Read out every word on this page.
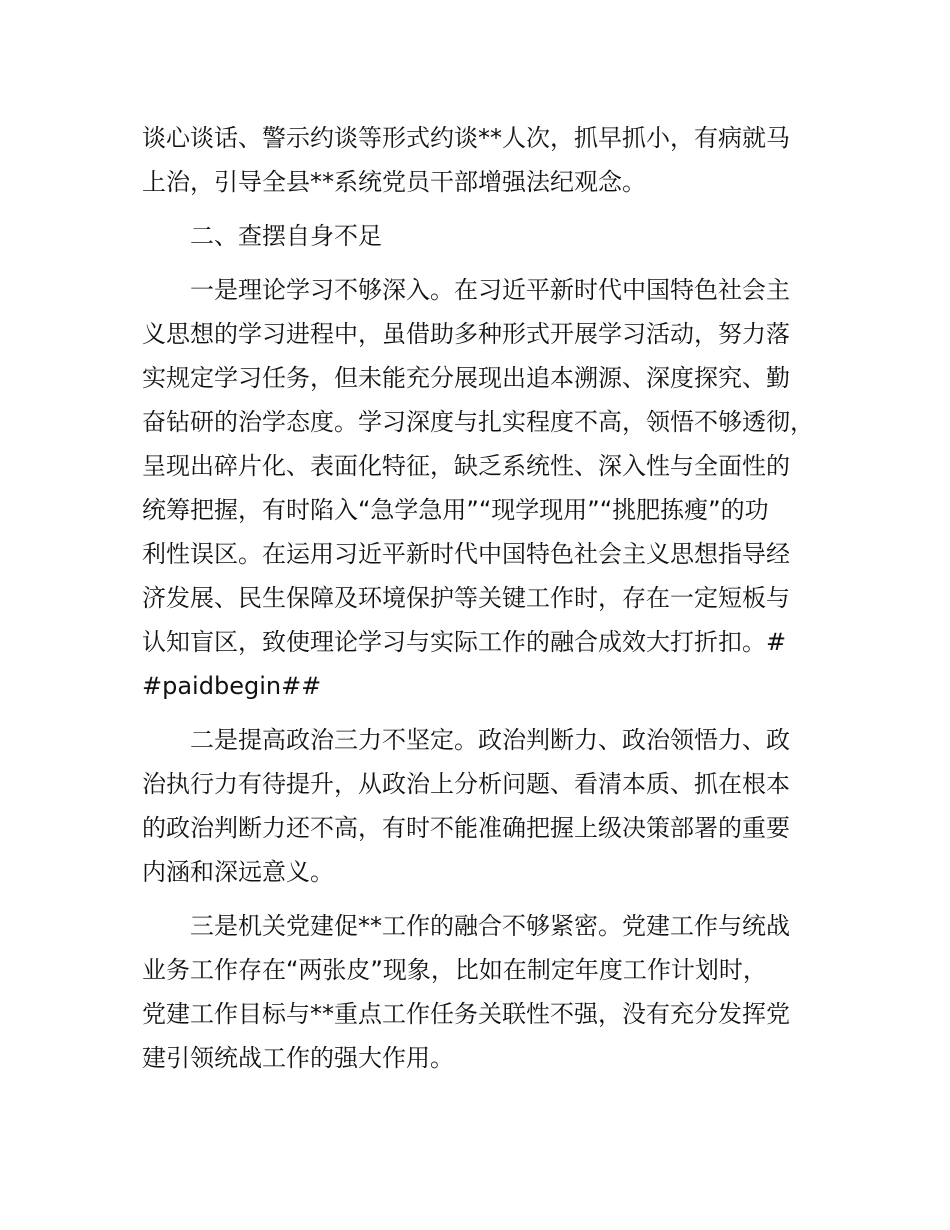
谈心谈话、警示约谈等形式约谈**人次，抓早抓小，有病就马

上治，引导全县**系统党员干部增强法纪观念。

　　二、查摆自身不足

　　一是理论学习不够深入。在习近平新时代中国特色社会主

义思想的学习进程中，虽借助多种形式开展学习活动，努力落

实规定学习任务，但未能充分展现出追本溯源、深度探究、勤

奋钻研的治学态度。学习深度与扎实程度不高，领悟不够透彻，

呈现出碎片化、表面化特征，缺乏系统性、深入性与全面性的

统筹把握，有时陷入“急学急用”“现学现用”“挑肥拣瘦”的功

利性误区。在运用习近平新时代中国特色社会主义思想指导经

济发展、民生保障及环境保护等关键工作时，存在一定短板与

认知盲区，致使理论学习与实际工作的融合成效大打折扣。#

#paidbegin##

　　二是提高政治三力不坚定。政治判断力、政治领悟力、政

治执行力有待提升，从政治上分析问题、看清本质、抓在根本

的政治判断力还不高，有时不能准确把握上级决策部署的重要

内涵和深远意义。

　　三是机关党建促**工作的融合不够紧密。党建工作与统战

业务工作存在“两张皮”现象，比如在制定年度工作计划时，

党建工作目标与**重点工作任务关联性不强，没有充分发挥党

建引领统战工作的强大作用。
